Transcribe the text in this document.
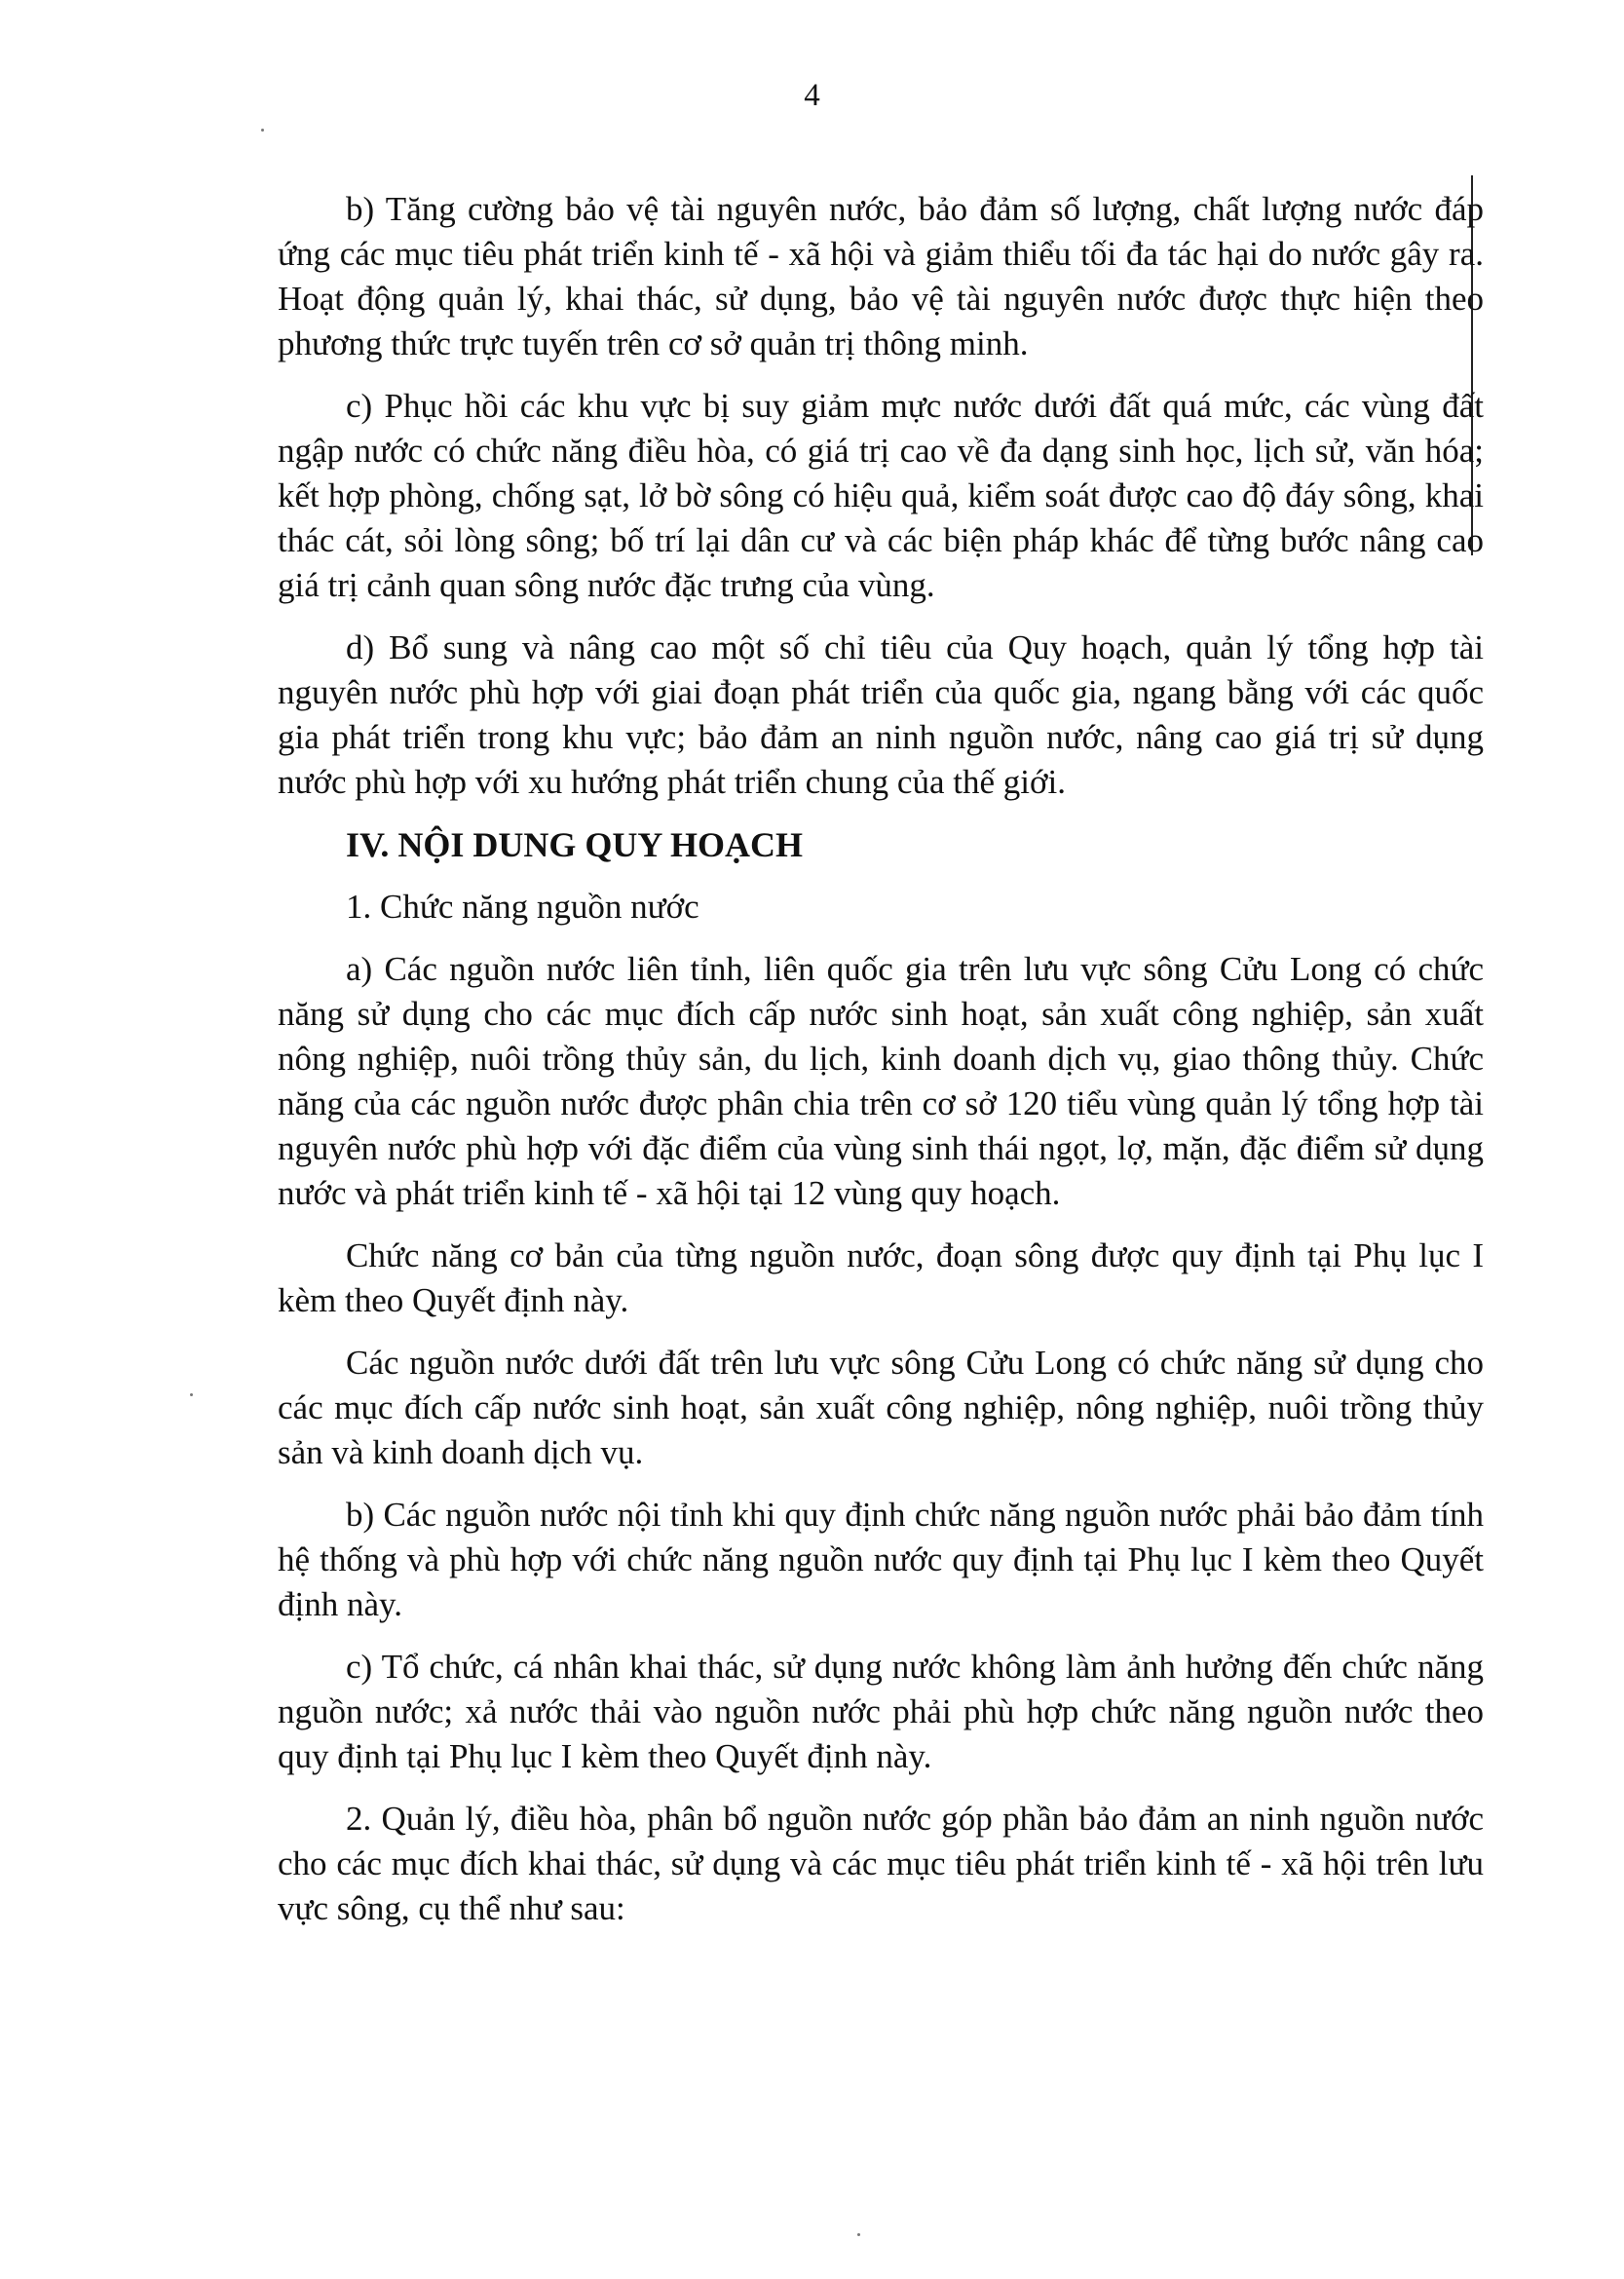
4

b) Tăng cường bảo vệ tài nguyên nước, bảo đảm số lượng, chất lượng nước đáp ứng các mục tiêu phát triển kinh tế - xã hội và giảm thiểu tối đa tác hại do nước gây ra. Hoạt động quản lý, khai thác, sử dụng, bảo vệ tài nguyên nước được thực hiện theo phương thức trực tuyến trên cơ sở quản trị thông minh.

c) Phục hồi các khu vực bị suy giảm mực nước dưới đất quá mức, các vùng đất ngập nước có chức năng điều hòa, có giá trị cao về đa dạng sinh học, lịch sử, văn hóa; kết hợp phòng, chống sạt, lở bờ sông có hiệu quả, kiểm soát được cao độ đáy sông, khai thác cát, sỏi lòng sông; bố trí lại dân cư và các biện pháp khác để từng bước nâng cao giá trị cảnh quan sông nước đặc trưng của vùng.

d) Bổ sung và nâng cao một số chỉ tiêu của Quy hoạch, quản lý tổng hợp tài nguyên nước phù hợp với giai đoạn phát triển của quốc gia, ngang bằng với các quốc gia phát triển trong khu vực; bảo đảm an ninh nguồn nước, nâng cao giá trị sử dụng nước phù hợp với xu hướng phát triển chung của thế giới.

IV. NỘI DUNG QUY HOẠCH

1. Chức năng nguồn nước

a) Các nguồn nước liên tỉnh, liên quốc gia trên lưu vực sông Cửu Long có chức năng sử dụng cho các mục đích cấp nước sinh hoạt, sản xuất công nghiệp, sản xuất nông nghiệp, nuôi trồng thủy sản, du lịch, kinh doanh dịch vụ, giao thông thủy. Chức năng của các nguồn nước được phân chia trên cơ sở 120 tiểu vùng quản lý tổng hợp tài nguyên nước phù hợp với đặc điểm của vùng sinh thái ngọt, lợ, mặn, đặc điểm sử dụng nước và phát triển kinh tế - xã hội tại 12 vùng quy hoạch.

Chức năng cơ bản của từng nguồn nước, đoạn sông được quy định tại Phụ lục I kèm theo Quyết định này.

Các nguồn nước dưới đất trên lưu vực sông Cửu Long có chức năng sử dụng cho các mục đích cấp nước sinh hoạt, sản xuất công nghiệp, nông nghiệp, nuôi trồng thủy sản và kinh doanh dịch vụ.

b) Các nguồn nước nội tỉnh khi quy định chức năng nguồn nước phải bảo đảm tính hệ thống và phù hợp với chức năng nguồn nước quy định tại Phụ lục I kèm theo Quyết định này.

c) Tổ chức, cá nhân khai thác, sử dụng nước không làm ảnh hưởng đến chức năng nguồn nước; xả nước thải vào nguồn nước phải phù hợp chức năng nguồn nước theo quy định tại Phụ lục I kèm theo Quyết định này.

2. Quản lý, điều hòa, phân bổ nguồn nước góp phần bảo đảm an ninh nguồn nước cho các mục đích khai thác, sử dụng và các mục tiêu phát triển kinh tế - xã hội trên lưu vực sông, cụ thể như sau:
